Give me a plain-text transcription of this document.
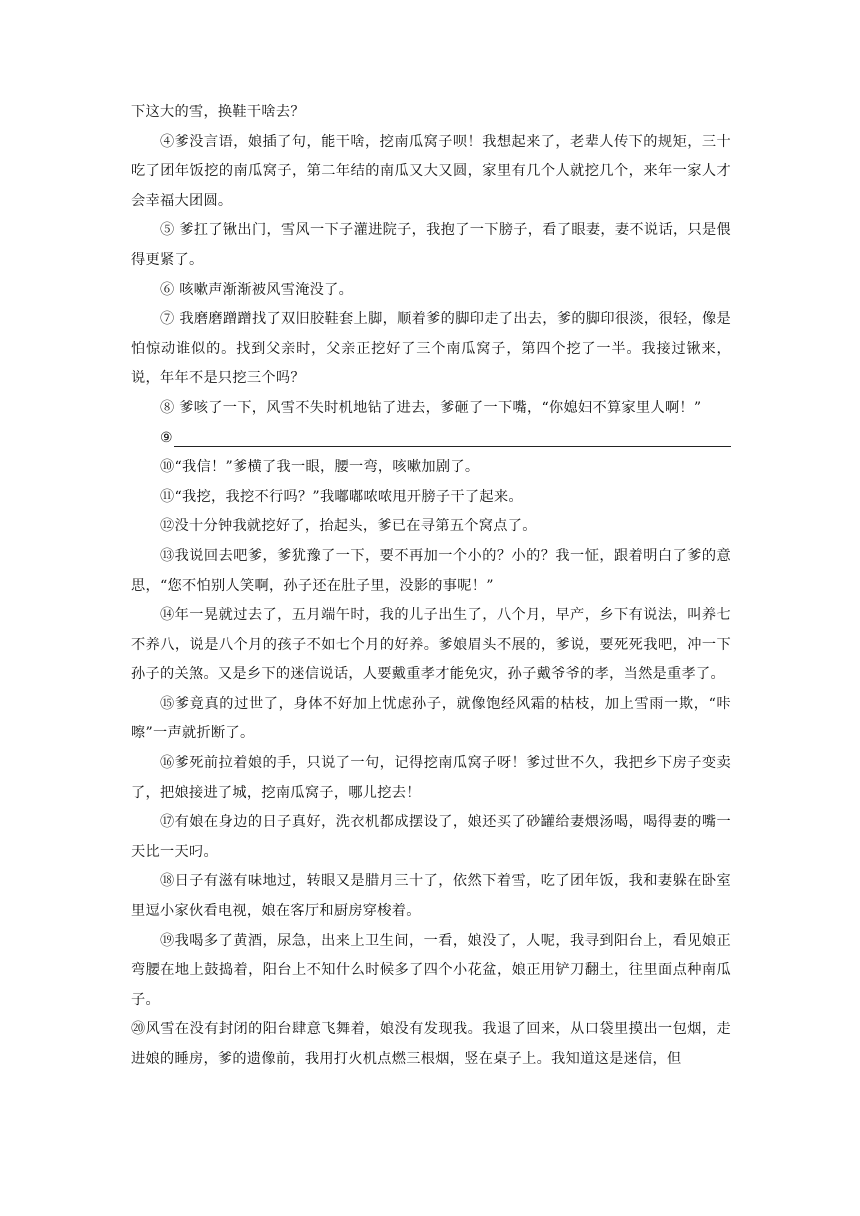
下这大的雪，换鞋干啥去？

④爹没言语，娘插了句，能干啥，挖南瓜窝子呗！我想起来了，老辈人传下的规矩，三十吃了团年饭挖的南瓜窝子，第二年结的南瓜又大又圆，家里有几个人就挖几个，来年一家人才会幸福大团圆。

⑤ 爹扛了锹出门，雪风一下子灌进院子，我抱了一下膀子，看了眼妻，妻不说话，只是偎得更紧了。

⑥ 咳嗽声渐渐被风雪淹没了。

⑦ 我磨磨蹭蹭找了双旧胶鞋套上脚，顺着爹的脚印走了出去，爹的脚印很淡，很轻，像是怕惊动谁似的。找到父亲时，父亲正挖好了三个南瓜窝子，第四个挖了一半。我接过锹来，说，年年不是只挖三个吗？

⑧ 爹咳了一下，风雪不失时机地钻了进去，爹砸了一下嘴，“你媳妇不算家里人啊！”

⑨

⑩“我信！”爹横了我一眼，腰一弯，咳嗽加剧了。

⑪“我挖，我挖不行吗？”我嘟嘟哝哝甩开膀子干了起来。

⑫没十分钟我就挖好了，抬起头，爹已在寻第五个窝点了。

⑬我说回去吧爹，爹犹豫了一下，要不再加一个小的？小的？我一怔，跟着明白了爹的意思，“您不怕别人笑啊，孙子还在肚子里，没影的事呢！”

⑭年一晃就过去了，五月端午时，我的儿子出生了，八个月，早产，乡下有说法，叫养七不养八，说是八个月的孩子不如七个月的好养。爹娘眉头不展的，爹说，要死死我吧，冲一下孙子的关煞。又是乡下的迷信说话，人要戴重孝才能免灾，孙子戴爷爷的孝，当然是重孝了。

⑮爹竟真的过世了，身体不好加上忧虑孙子，就像饱经风霜的枯枝，加上雪雨一欺，“咔嚓”一声就折断了。

⑯爹死前拉着娘的手，只说了一句，记得挖南瓜窝子呀！爹过世不久，我把乡下房子变卖了，把娘接进了城，挖南瓜窝子，哪儿挖去！

⑰有娘在身边的日子真好，洗衣机都成摆设了，娘还买了砂罐给妻煨汤喝，喝得妻的嘴一天比一天叼。

⑱日子有滋有味地过，转眼又是腊月三十了，依然下着雪，吃了团年饭，我和妻躲在卧室里逗小家伙看电视，娘在客厅和厨房穿梭着。

⑲我喝多了黄酒，尿急，出来上卫生间，一看，娘没了，人呢，我寻到阳台上，看见娘正弯腰在地上鼓捣着，阳台上不知什么时候多了四个小花盆，娘正用铲刀翻土，往里面点种南瓜子。

⑳风雪在没有封闭的阳台肆意飞舞着，娘没有发现我。我退了回来，从口袋里摸出一包烟，走进娘的睡房，爹的遗像前，我用打火机点燃三根烟，竖在桌子上。我知道这是迷信，但
